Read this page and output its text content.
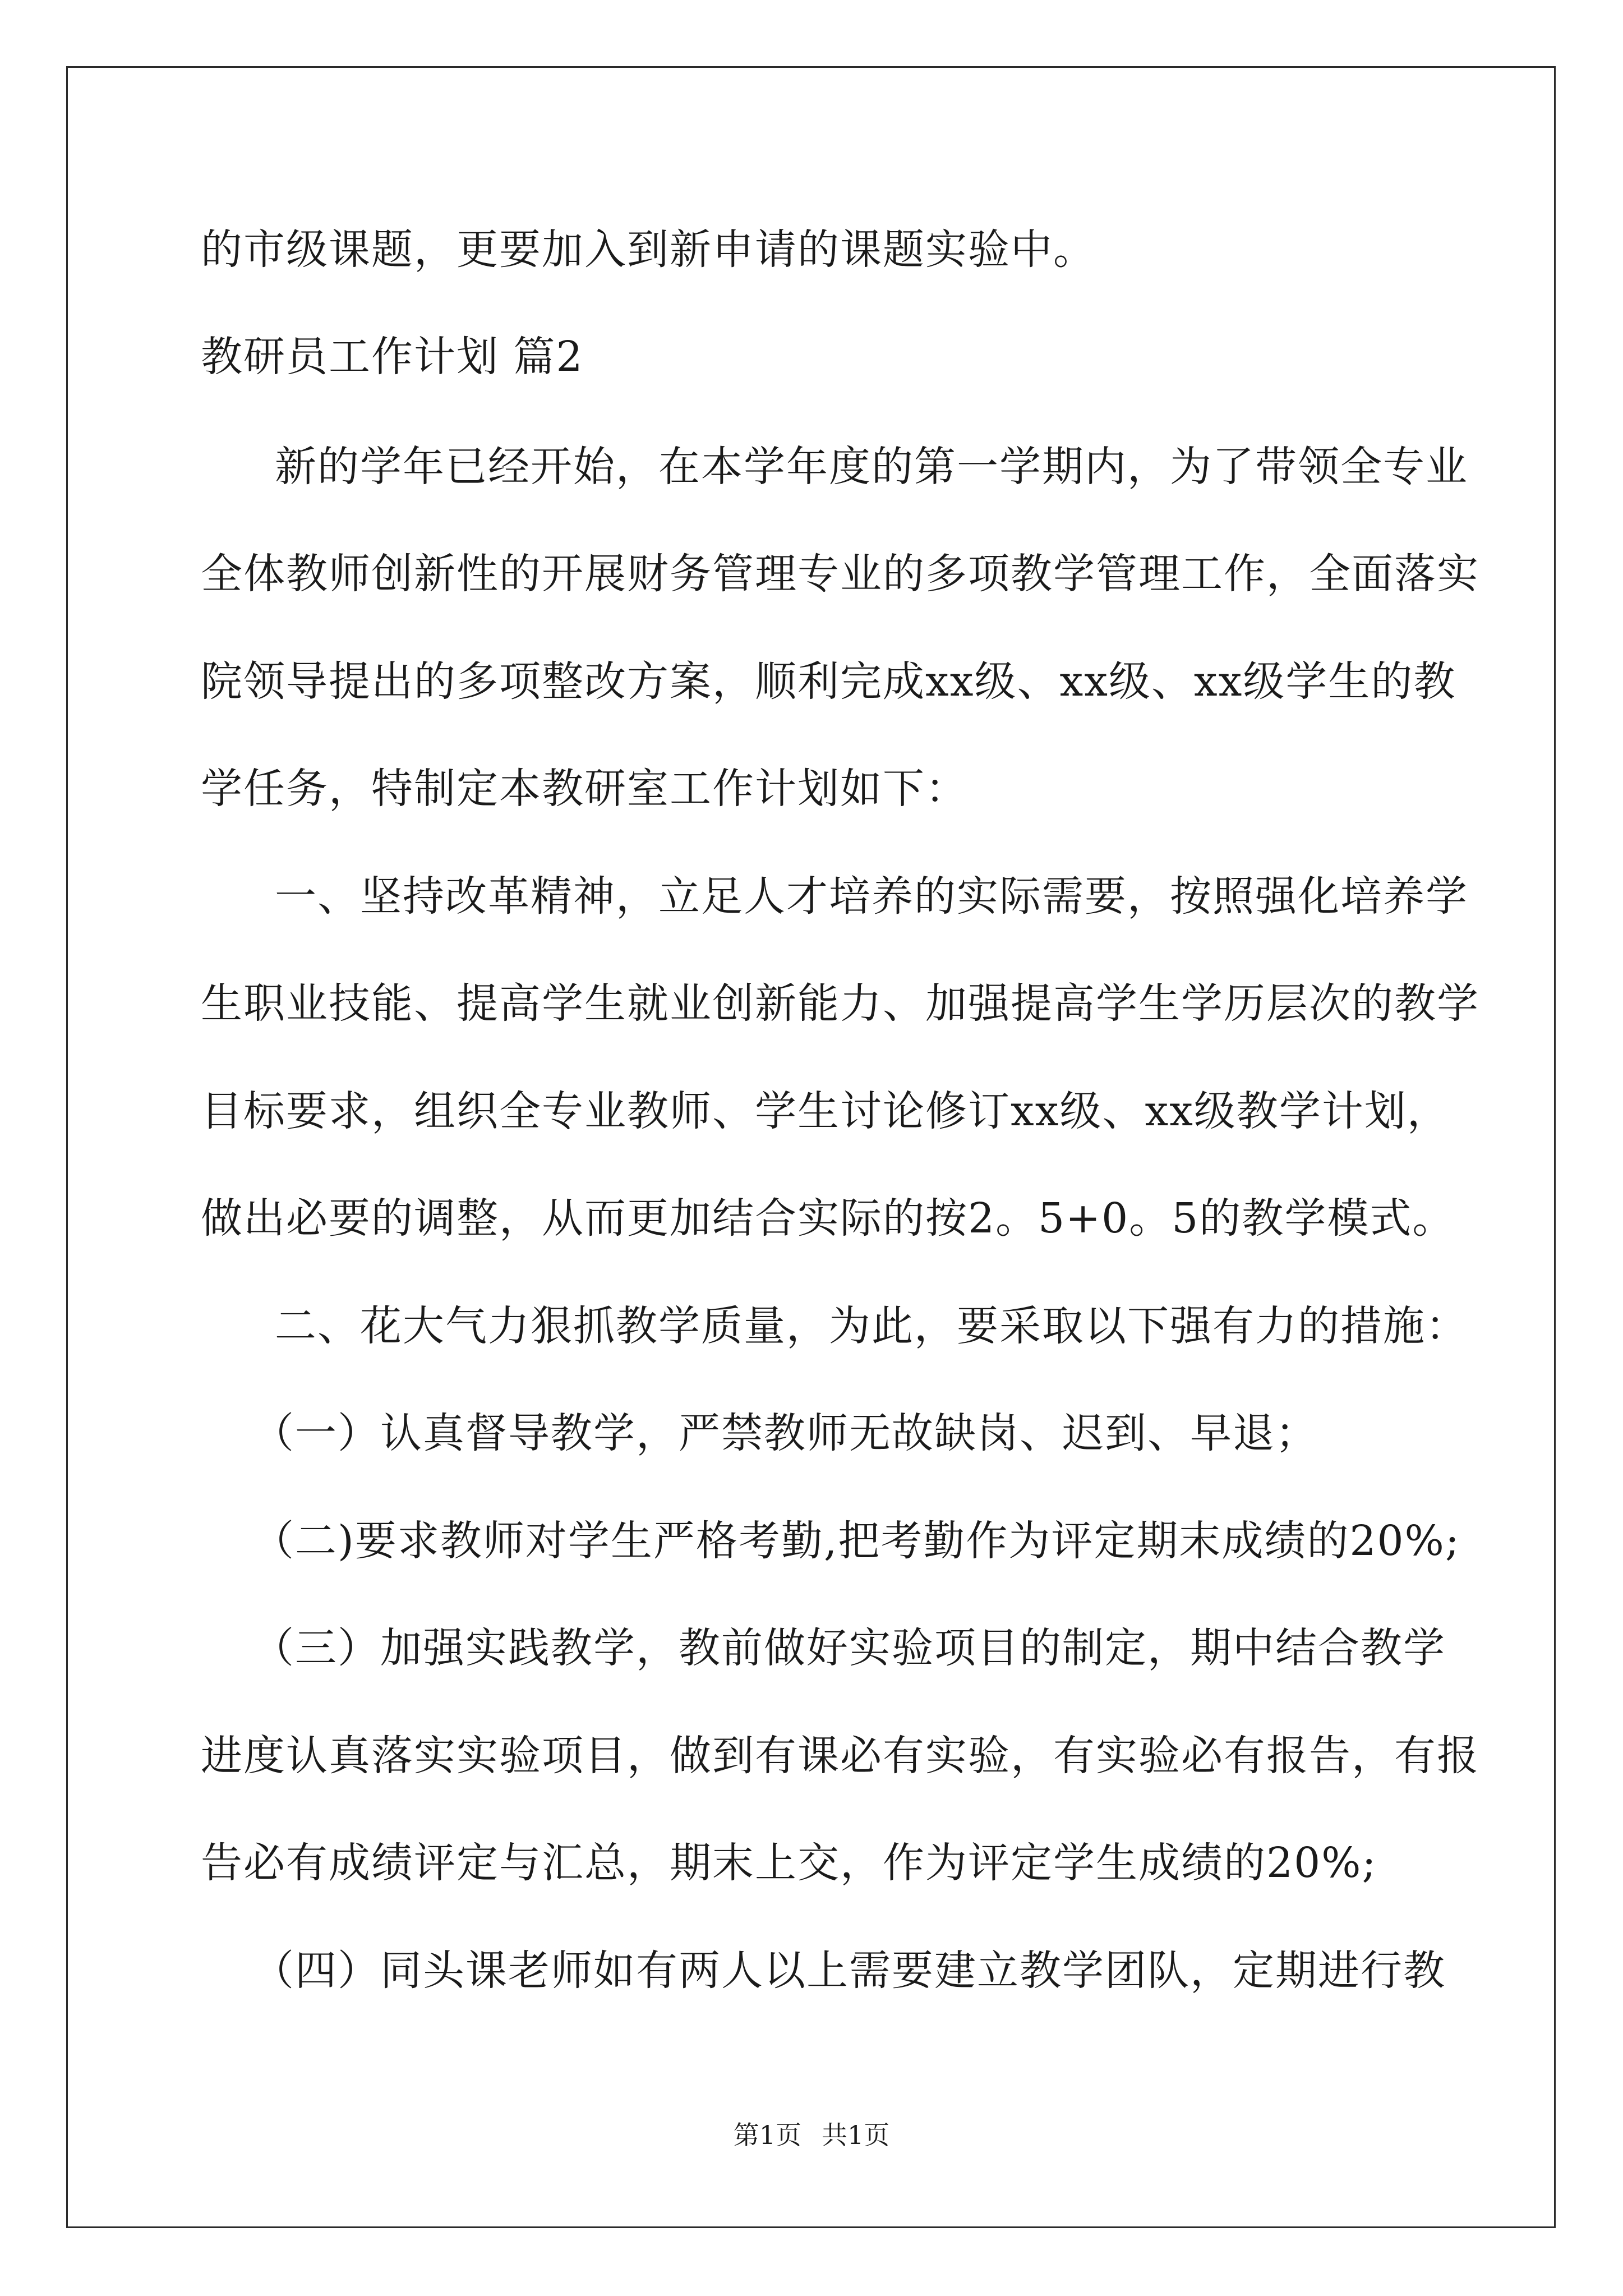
的市级课题，更要加入到新申请的课题实验中。
教研员工作计划 篇2
新的学年已经开始，在本学年度的第一学期内，为了带领全专业
全体教师创新性的开展财务管理专业的多项教学管理工作，全面落实
院领导提出的多项整改方案，顺利完成xx级、xx级、xx级学生的教
学任务，特制定本教研室工作计划如下：
一、坚持改革精神，立足人才培养的实际需要，按照强化培养学
生职业技能、提高学生就业创新能力、加强提高学生学历层次的教学
目标要求，组织全专业教师、学生讨论修订xx级、xx级教学计划，
做出必要的调整，从而更加结合实际的按2。5+0。5的教学模式。
二、花大气力狠抓教学质量，为此，要采取以下强有力的措施：
（一）认真督导教学，严禁教师无故缺岗、迟到、早退；
（二)要求教师对学生严格考勤,把考勤作为评定期末成绩的20%;
（三）加强实践教学，教前做好实验项目的制定，期中结合教学
进度认真落实实验项目，做到有课必有实验，有实验必有报告，有报
告必有成绩评定与汇总，期末上交，作为评定学生成绩的20%;
（四）同头课老师如有两人以上需要建立教学团队，定期进行教
第1页 共1页
